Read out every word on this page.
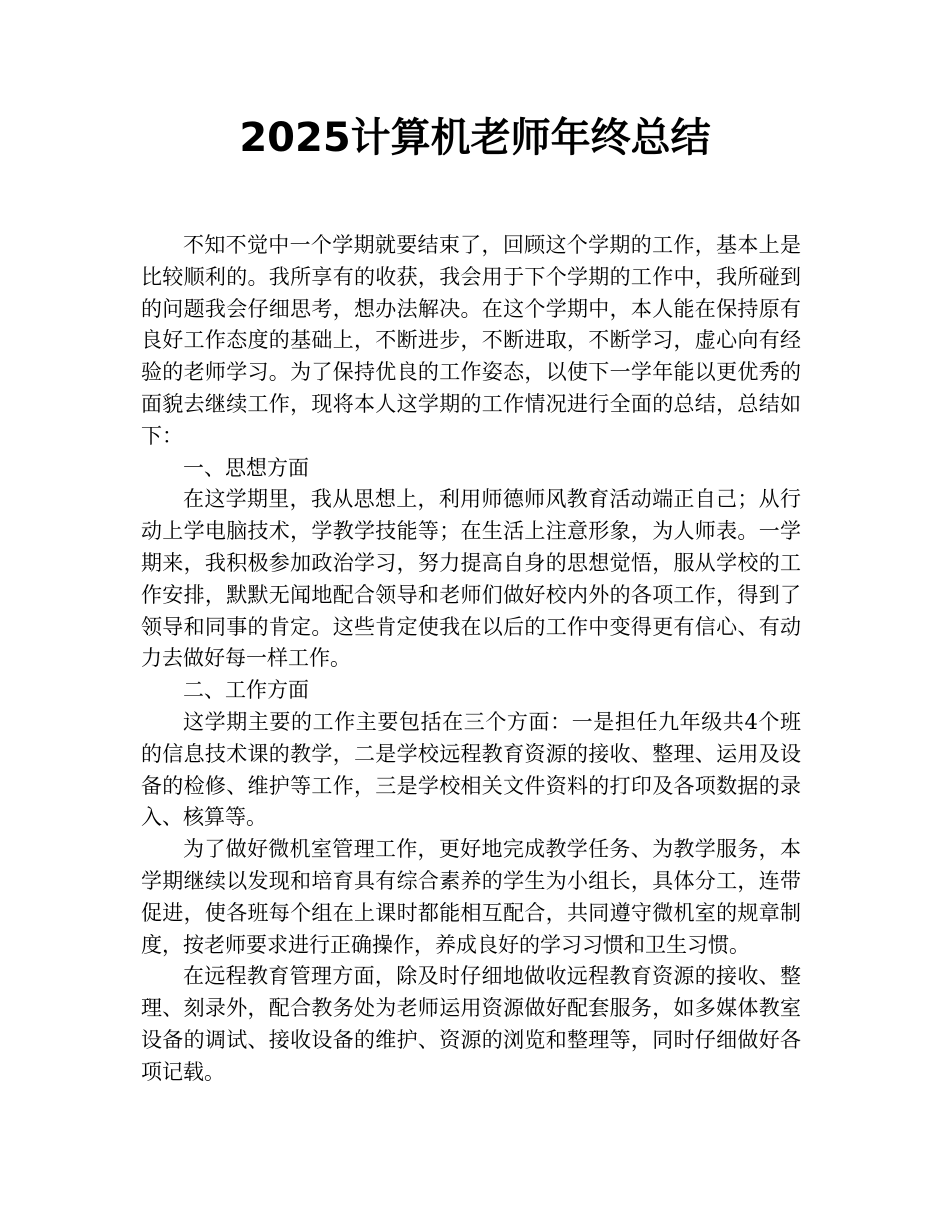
2025计算机老师年终总结

不知不觉中一个学期就要结束了，回顾这个学期的工作，基本上是比较顺利的。我所享有的收获，我会用于下个学期的工作中，我所碰到的问题我会仔细思考，想办法解决。在这个学期中，本人能在保持原有良好工作态度的基础上，不断进步，不断进取，不断学习，虚心向有经验的老师学习。为了保持优良的工作姿态，以使下一学年能以更优秀的面貌去继续工作，现将本人这学期的工作情况进行全面的总结，总结如下：

一、思想方面

在这学期里，我从思想上，利用师德师风教育活动端正自己；从行动上学电脑技术，学教学技能等；在生活上注意形象，为人师表。一学期来，我积极参加政治学习，努力提高自身的思想觉悟，服从学校的工作安排，默默无闻地配合领导和老师们做好校内外的各项工作，得到了领导和同事的肯定。这些肯定使我在以后的工作中变得更有信心、有动力去做好每一样工作。

二、工作方面

这学期主要的工作主要包括在三个方面：一是担任九年级共4个班的信息技术课的教学，二是学校远程教育资源的接收、整理、运用及设备的检修、维护等工作，三是学校相关文件资料的打印及各项数据的录入、核算等。

为了做好微机室管理工作，更好地完成教学任务、为教学服务，本学期继续以发现和培育具有综合素养的学生为小组长，具体分工，连带促进，使各班每个组在上课时都能相互配合，共同遵守微机室的规章制度，按老师要求进行正确操作，养成良好的学习习惯和卫生习惯。

在远程教育管理方面，除及时仔细地做收远程教育资源的接收、整理、刻录外，配合教务处为老师运用资源做好配套服务，如多媒体教室设备的调试、接收设备的维护、资源的浏览和整理等，同时仔细做好各项记载。
